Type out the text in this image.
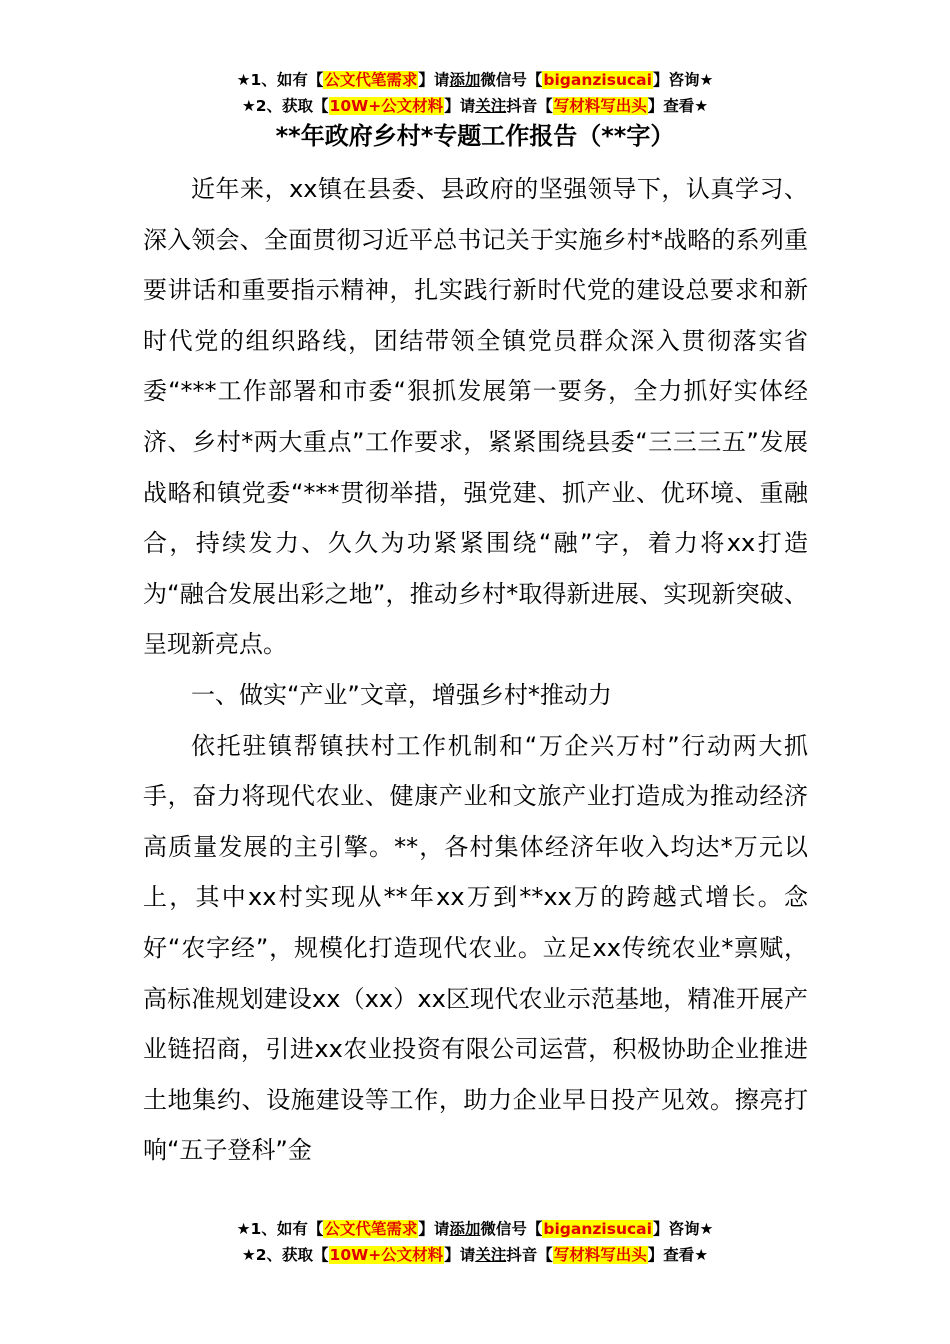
★1、如有【公文代笔需求】请添加微信号【biganzisucai】咨询★
★2、获取【10W+公文材料】请关注抖音【写材料写出头】查看★
**年政府乡村*专题工作报告（**字）

近年来，xx镇在县委、县政府的坚强领导下，认真学习、深入领会、全面贯彻习近平总书记关于实施乡村*战略的系列重要讲话和重要指示精神，扎实践行新时代党的建设总要求和新时代党的组织路线，团结带领全镇党员群众深入贯彻落实省委“***工作部署和市委“狠抓发展第一要务，全力抓好实体经济、乡村*两大重点”工作要求，紧紧围绕县委“三三三五”发展战略和镇党委“***贯彻举措，强党建、抓产业、优环境、重融合，持续发力、久久为功紧紧围绕“融”字，着力将xx打造为“融合发展出彩之地”，推动乡村*取得新进展、实现新突破、呈现新亮点。

一、做实“产业”文章，增强乡村*推动力

依托驻镇帮镇扶村工作机制和“万企兴万村”行动两大抓手，奋力将现代农业、健康产业和文旅产业打造成为推动经济高质量发展的主引擎。**，各村集体经济年收入均达*万元以上，其中xx村实现从**年xx万到**xx万的跨越式增长。念好“农字经”，规模化打造现代农业。立足xx传统农业*禀赋，高标准规划建设xx（xx）xx区现代农业示范基地，精准开展产业链招商，引进xx农业投资有限公司运营，积极协助企业推进土地集约、设施建设等工作，助力企业早日投产见效。擦亮打响“五子登科”金

★1、如有【公文代笔需求】请添加微信号【biganzisucai】咨询★
★2、获取【10W+公文材料】请关注抖音【写材料写出头】查看★
